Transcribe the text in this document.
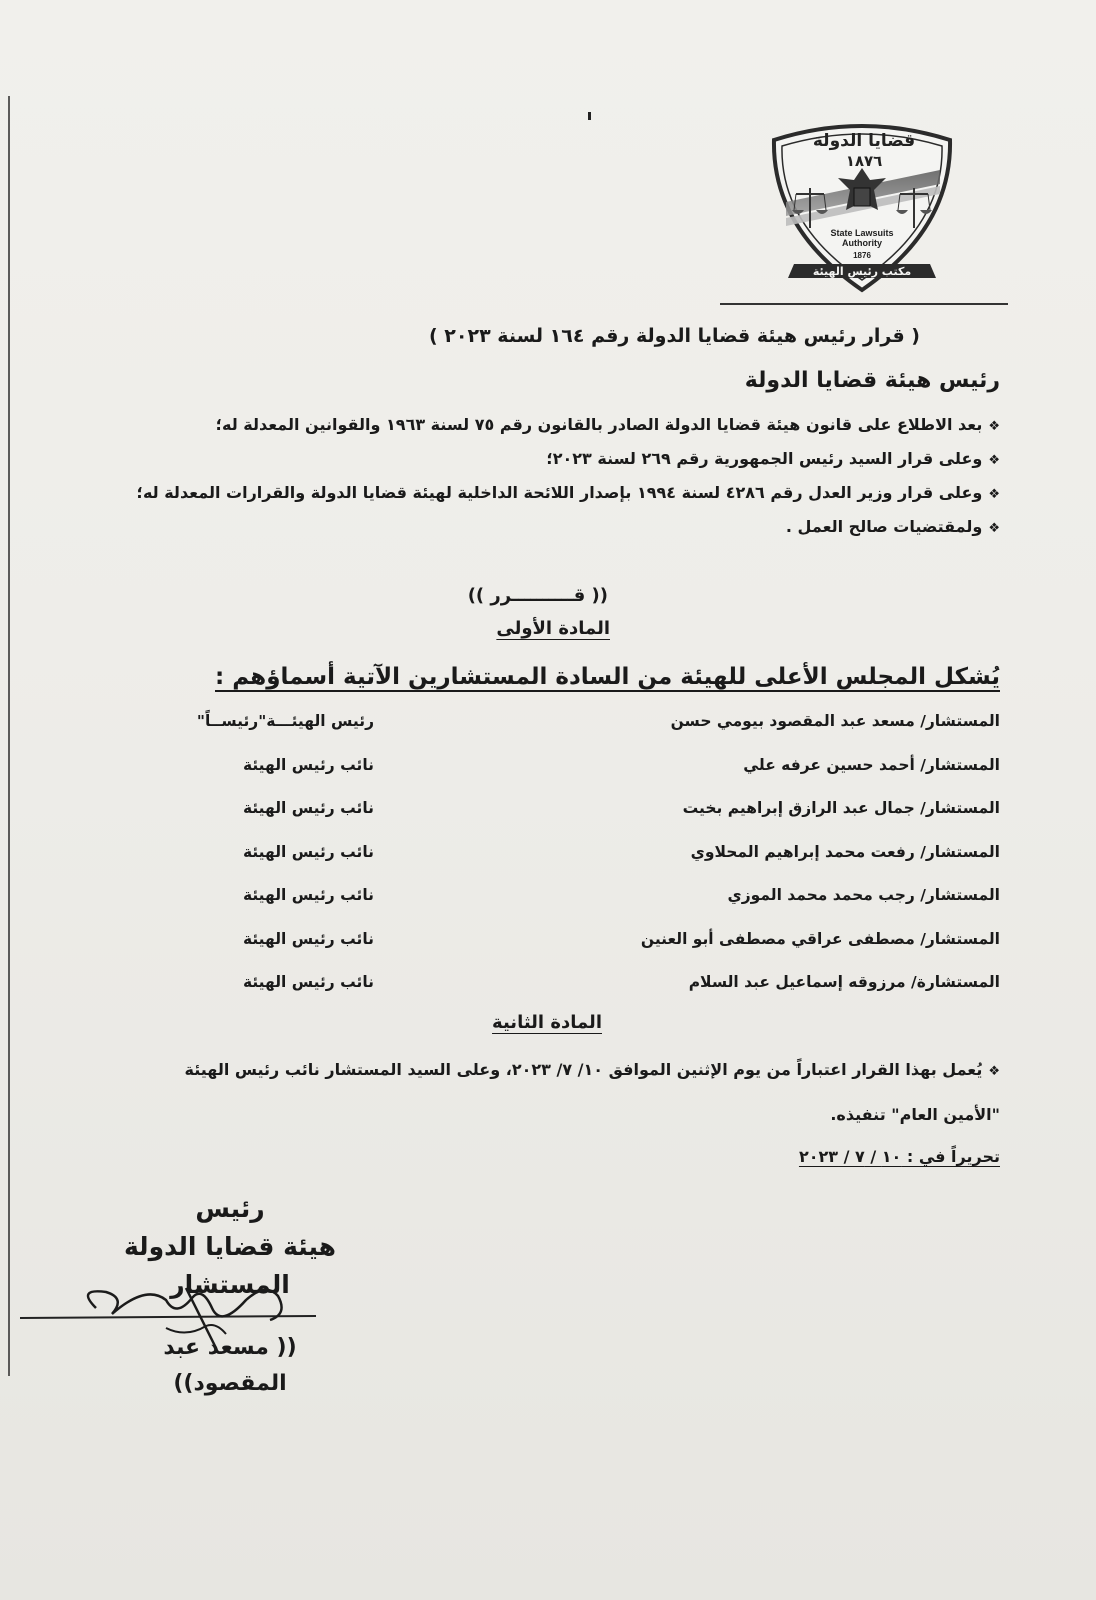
قضايا الدولة
١٨٧٦
State Lawsuits
Authority
1876
مكتب رئيس الهيئة
( قرار رئيس هيئة قضايا الدولة رقم ١٦٤ لسنة ٢٠٢٣ )
رئيس هيئة قضايا الدولة
❖بعد الاطلاع على قانون هيئة قضايا الدولة الصادر بالقانون رقم ٧٥ لسنة ١٩٦٣ والقوانين المعدلة له؛
❖وعلى قرار السيد رئيس الجمهورية رقم ٢٦٩ لسنة ٢٠٢٣؛
❖وعلى قرار وزير العدل رقم ٤٢٨٦ لسنة ١٩٩٤ بإصدار اللائحة الداخلية لهيئة قضايا الدولة والقرارات المعدلة له؛
❖ولمقتضيات صالح العمل .
(( قــــــــــرر ))
المادة الأولى
يُشكل المجلس الأعلى للهيئة من السادة المستشارين الآتية أسماؤهم :
المستشار/ مسعد عبد المقصود بيومي حسن
رئيس الهيئـــة"رئيســاً"
المستشار/ أحمد حسين عرفه علي
نائب رئيس الهيئة
المستشار/ جمال عبد الرازق إبراهيم بخيت
نائب رئيس الهيئة
المستشار/ رفعت محمد إبراهيم المحلاوي
نائب رئيس الهيئة
المستشار/ رجب محمد محمد الموزي
نائب رئيس الهيئة
المستشار/ مصطفى عراقي مصطفى أبو العنين
نائب رئيس الهيئة
المستشارة/ مرزوقه إسماعيل عبد السلام
نائب رئيس الهيئة
المادة الثانية
❖يُعمل بهذا القرار اعتباراً من يوم الإثنين الموافق ١٠/ ٧/ ٢٠٢٣، وعلى السيد المستشار نائب رئيس الهيئة
"الأمين العام" تنفيذه.
تحريراً في : ١٠ / ٧ / ٢٠٢٣
رئيس
هيئة قضايا الدولة
المستشار
(( مسعد عبد المقصود))
